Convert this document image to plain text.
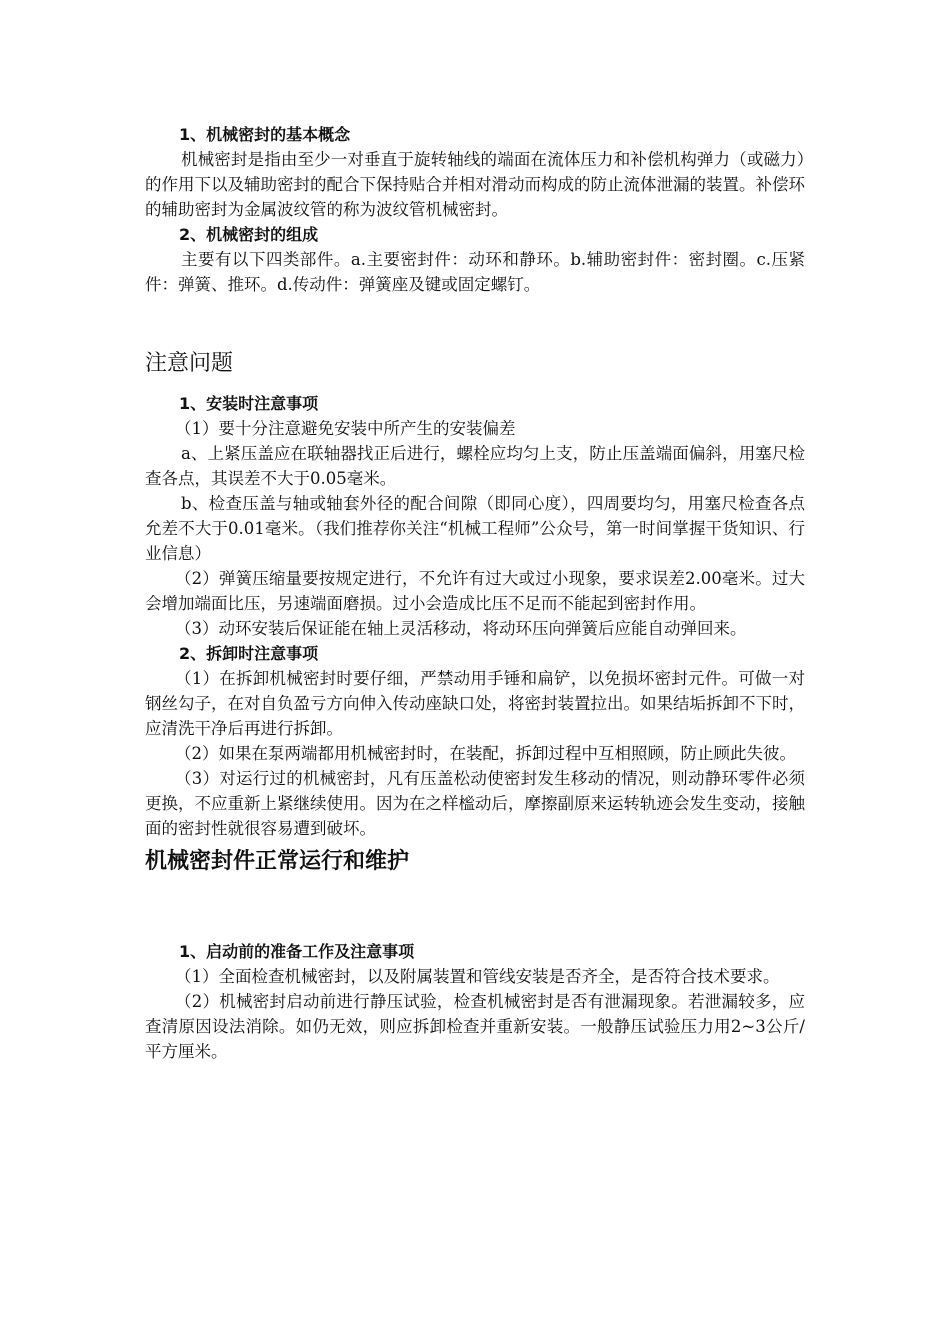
1、机械密封的基本概念

机械密封是指由至少一对垂直于旋转轴线的端面在流体压力和补偿机构弹力（或磁力）的作用下以及辅助密封的配合下保持贴合并相对滑动而构成的防止流体泄漏的装置。补偿环的辅助密封为金属波纹管的称为波纹管机械密封。

2、机械密封的组成

主要有以下四类部件。a.主要密封件：动环和静环。b.辅助密封件：密封圈。c.压紧件：弹簧、推环。d.传动件：弹簧座及键或固定螺钉。

注意问题
1、安装时注意事项

（1）要十分注意避免安装中所产生的安装偏差

a、上紧压盖应在联轴器找正后进行，螺栓应均匀上支，防止压盖端面偏斜，用塞尺检查各点，其误差不大于0.05毫米。

b、检查压盖与轴或轴套外径的配合间隙（即同心度），四周要均匀，用塞尺检查各点允差不大于0.01毫米。（我们推荐你关注“机械工程师”公众号，第一时间掌握干货知识、行业信息）

（2）弹簧压缩量要按规定进行，不允许有过大或过小现象，要求误差2.00毫米。过大会增加端面比压，另速端面磨损。过小会造成比压不足而不能起到密封作用。

（3）动环安装后保证能在轴上灵活移动，将动环压向弹簧后应能自动弹回来。

2、拆卸时注意事项

（1）在拆卸机械密封时要仔细，严禁动用手锤和扁铲，以免损坏密封元件。可做一对钢丝勾子，在对自负盈亏方向伸入传动座缺口处，将密封装置拉出。如果结垢拆卸不下时，应清洗干净后再进行拆卸。

（2）如果在泵两端都用机械密封时，在装配，拆卸过程中互相照顾，防止顾此失彼。

（3）对运行过的机械密封，凡有压盖松动使密封发生移动的情况，则动静环零件必须更换，不应重新上紧继续使用。因为在之样榓动后，摩擦副原来运转轨迹会发生变动，接触面的密封性就很容易遭到破坏。

机械密封件正常运行和维护
1、启动前的准备工作及注意事项

（1）全面检查机械密封，以及附属装置和管线安装是否齐全，是否符合技术要求。

（2）机械密封启动前进行静压试验，检查机械密封是否有泄漏现象。若泄漏较多，应查清原因设法消除。如仍无效，则应拆卸检查并重新安装。一般静压试验压力用2~3公斤/平方厘米。
